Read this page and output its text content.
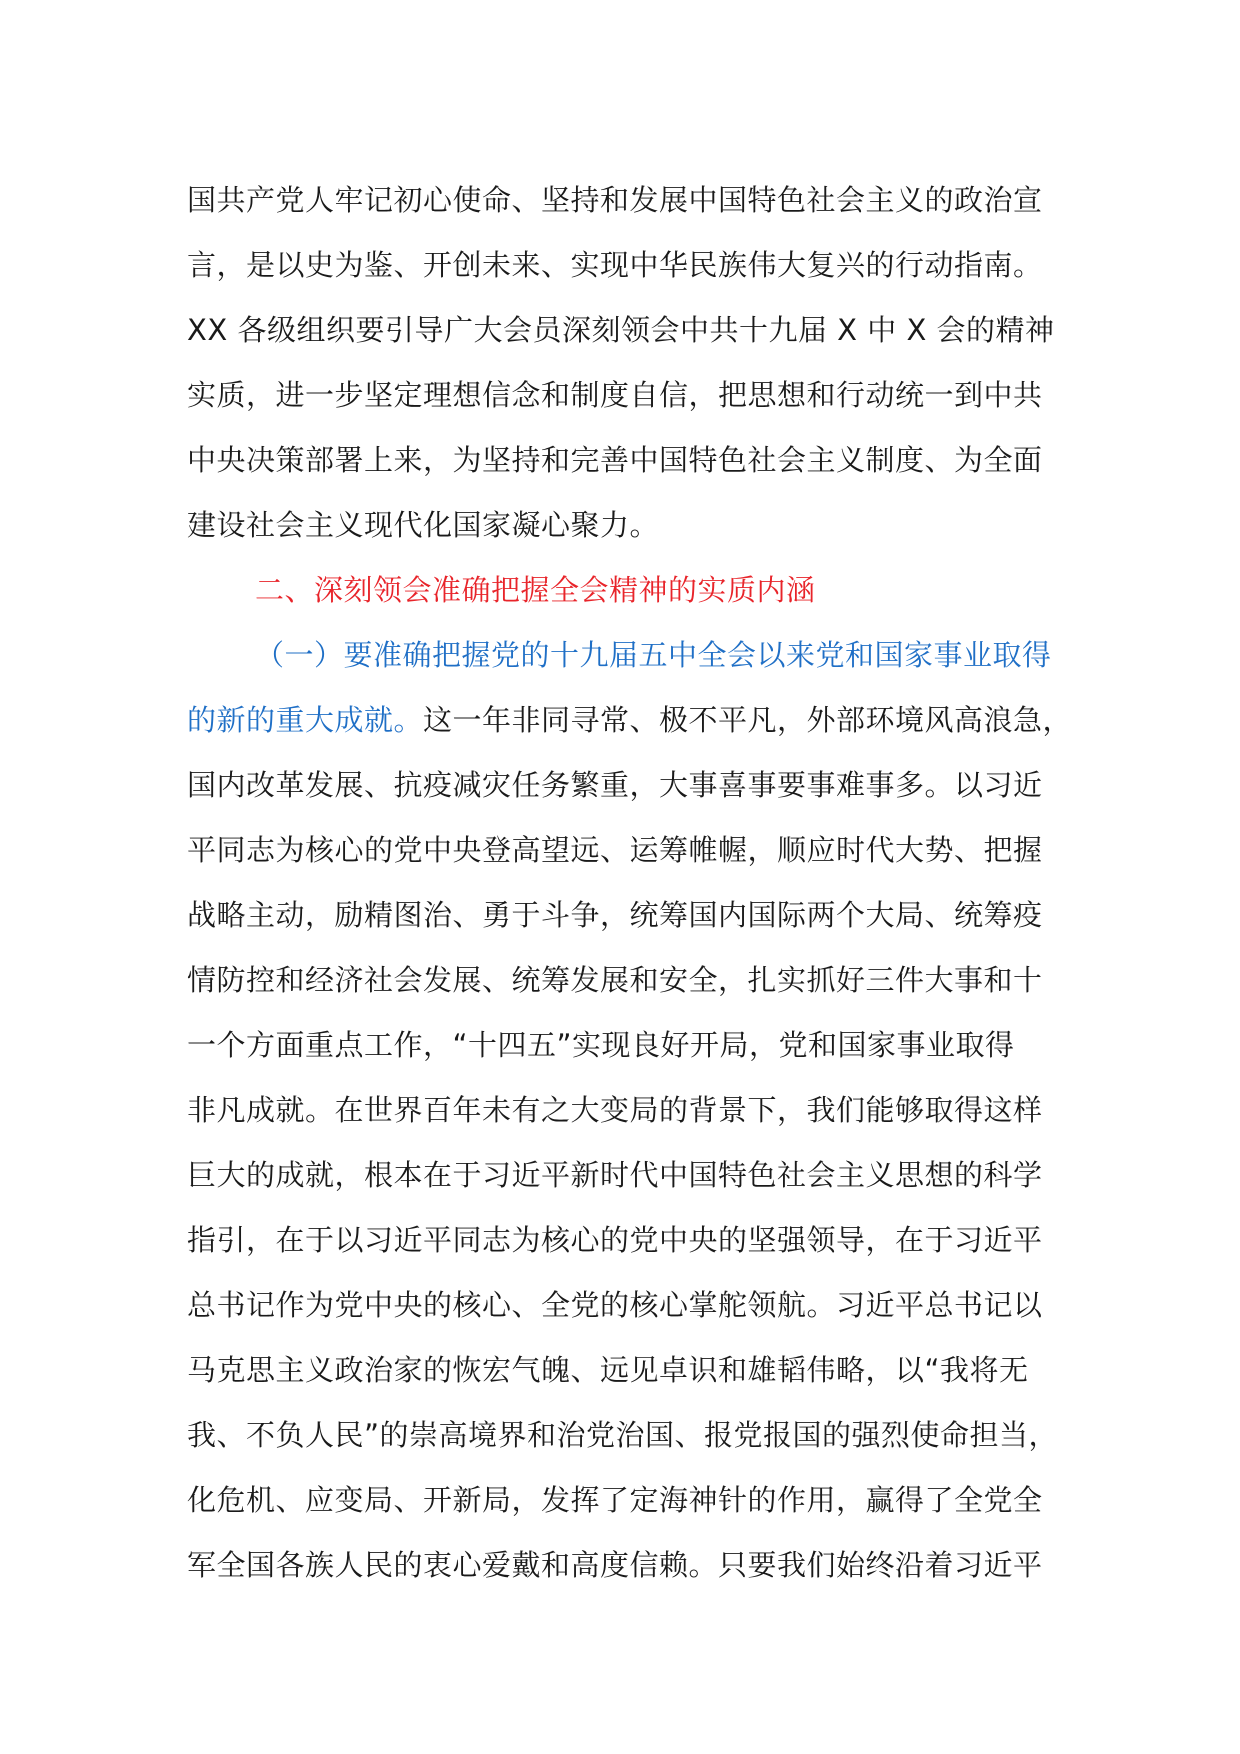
国共产党人牢记初心使命、坚持和发展中国特色社会主义的政治宣
言，是以史为鉴、开创未来、实现中华民族伟大复兴的行动指南。
XX 各级组织要引导广大会员深刻领会中共十九届 X 中 X 会的精神
实质，进一步坚定理想信念和制度自信，把思想和行动统一到中共
中央决策部署上来，为坚持和完善中国特色社会主义制度、为全面
建设社会主义现代化国家凝心聚力。
二、深刻领会准确把握全会精神的实质内涵
（一）要准确把握党的十九届五中全会以来党和国家事业取得
的新的重大成就。这一年非同寻常、极不平凡，外部环境风高浪急，
国内改革发展、抗疫减灾任务繁重，大事喜事要事难事多。以习近
平同志为核心的党中央登高望远、运筹帷幄，顺应时代大势、把握
战略主动，励精图治、勇于斗争，统筹国内国际两个大局、统筹疫
情防控和经济社会发展、统筹发展和安全，扎实抓好三件大事和十
一个方面重点工作，“十四五”实现良好开局，党和国家事业取得
非凡成就。在世界百年未有之大变局的背景下，我们能够取得这样
巨大的成就，根本在于习近平新时代中国特色社会主义思想的科学
指引，在于以习近平同志为核心的党中央的坚强领导，在于习近平
总书记作为党中央的核心、全党的核心掌舵领航。习近平总书记以
马克思主义政治家的恢宏气魄、远见卓识和雄韬伟略，以“我将无
我、不负人民”的崇高境界和治党治国、报党报国的强烈使命担当，
化危机、应变局、开新局，发挥了定海神针的作用，赢得了全党全
军全国各族人民的衷心爱戴和高度信赖。只要我们始终沿着习近平
